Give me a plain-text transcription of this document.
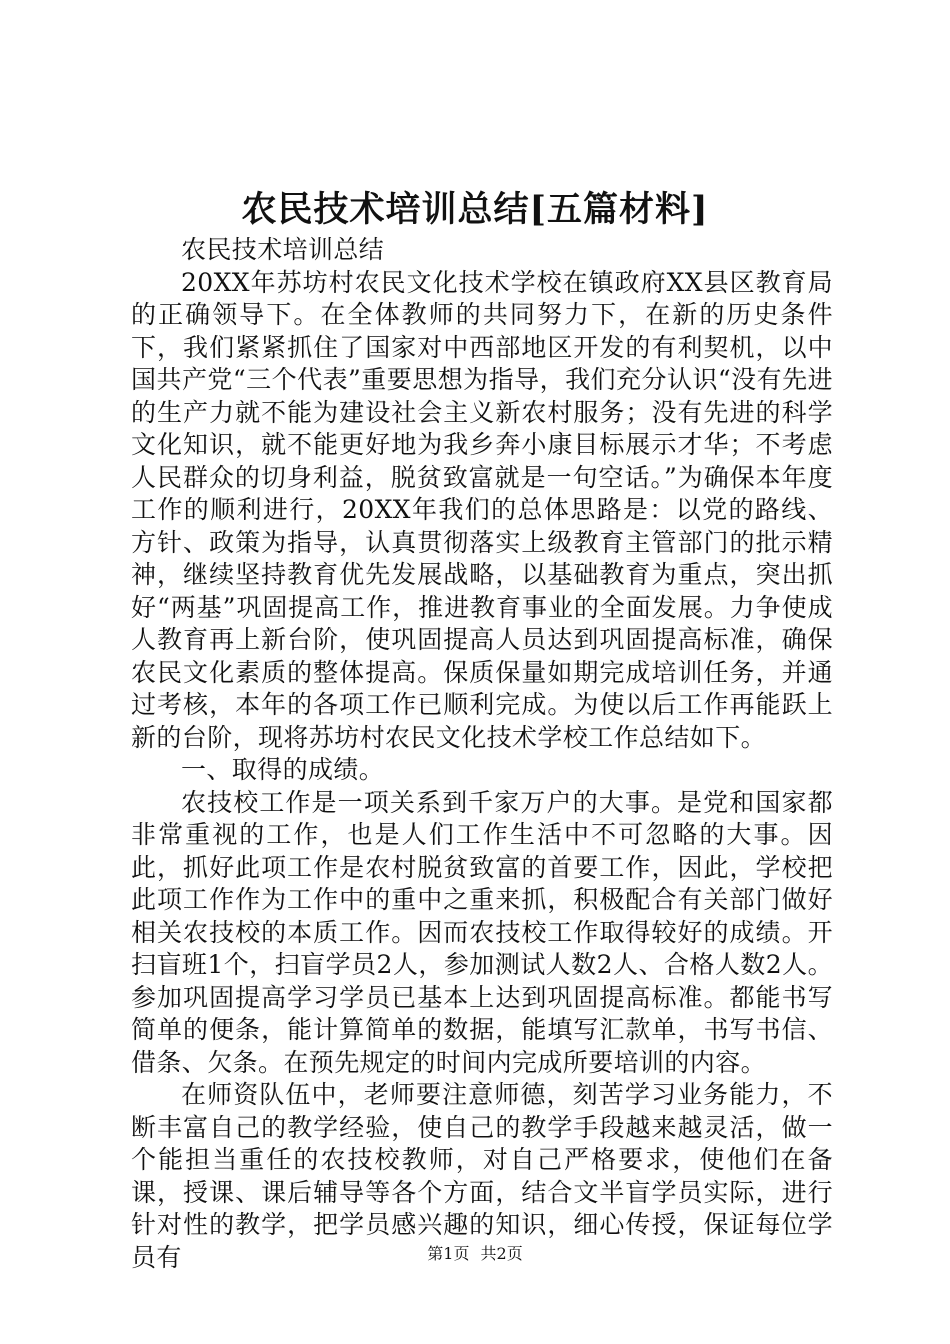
农民技术培训总结[五篇材料]

农民技术培训总结

20XX年苏坊村农民文化技术学校在镇政府XX县区教育局的正确领导下。在全体教师的共同努力下，在新的历史条件下，我们紧紧抓住了国家对中西部地区开发的有利契机，以中国共产党“三个代表”重要思想为指导，我们充分认识“没有先进的生产力就不能为建设社会主义新农村服务；没有先进的科学文化知识，就不能更好地为我乡奔小康目标展示才华；不考虑人民群众的切身利益，脱贫致富就是一句空话。”为确保本年度工作的顺利进行，20XX年我们的总体思路是：以党的路线、方针、政策为指导，认真贯彻落实上级教育主管部门的批示精神，继续坚持教育优先发展战略，以基础教育为重点，突出抓好“两基”巩固提高工作，推进教育事业的全面发展。力争使成人教育再上新台阶，使巩固提高人员达到巩固提高标准，确保农民文化素质的整体提高。保质保量如期完成培训任务，并通过考核，本年的各项工作已顺利完成。为使以后工作再能跃上新的台阶，现将苏坊村农民文化技术学校工作总结如下。

一、取得的成绩。

农技校工作是一项关系到千家万户的大事。是党和国家都非常重视的工作，也是人们工作生活中不可忽略的大事。因此，抓好此项工作是农村脱贫致富的首要工作，因此，学校把此项工作作为工作中的重中之重来抓，积极配合有关部门做好相关农技校的本质工作。因而农技校工作取得较好的成绩。开扫盲班1个，扫盲学员2人，参加测试人数2人、合格人数2人。参加巩固提高学习学员已基本上达到巩固提高标准。都能书写简单的便条，能计算简单的数据，能填写汇款单，书写书信、借条、欠条。在预先规定的时间内完成所要培训的内容。

在师资队伍中，老师要注意师德，刻苦学习业务能力，不断丰富自己的教学经验，使自己的教学手段越来越灵活，做一个能担当重任的农技校教师，对自己严格要求，使他们在备课，授课、课后辅导等各个方面，结合文半盲学员实际，进行针对性的教学，把学员感兴趣的知识，细心传授，保证每位学员有	第1页 共2页
